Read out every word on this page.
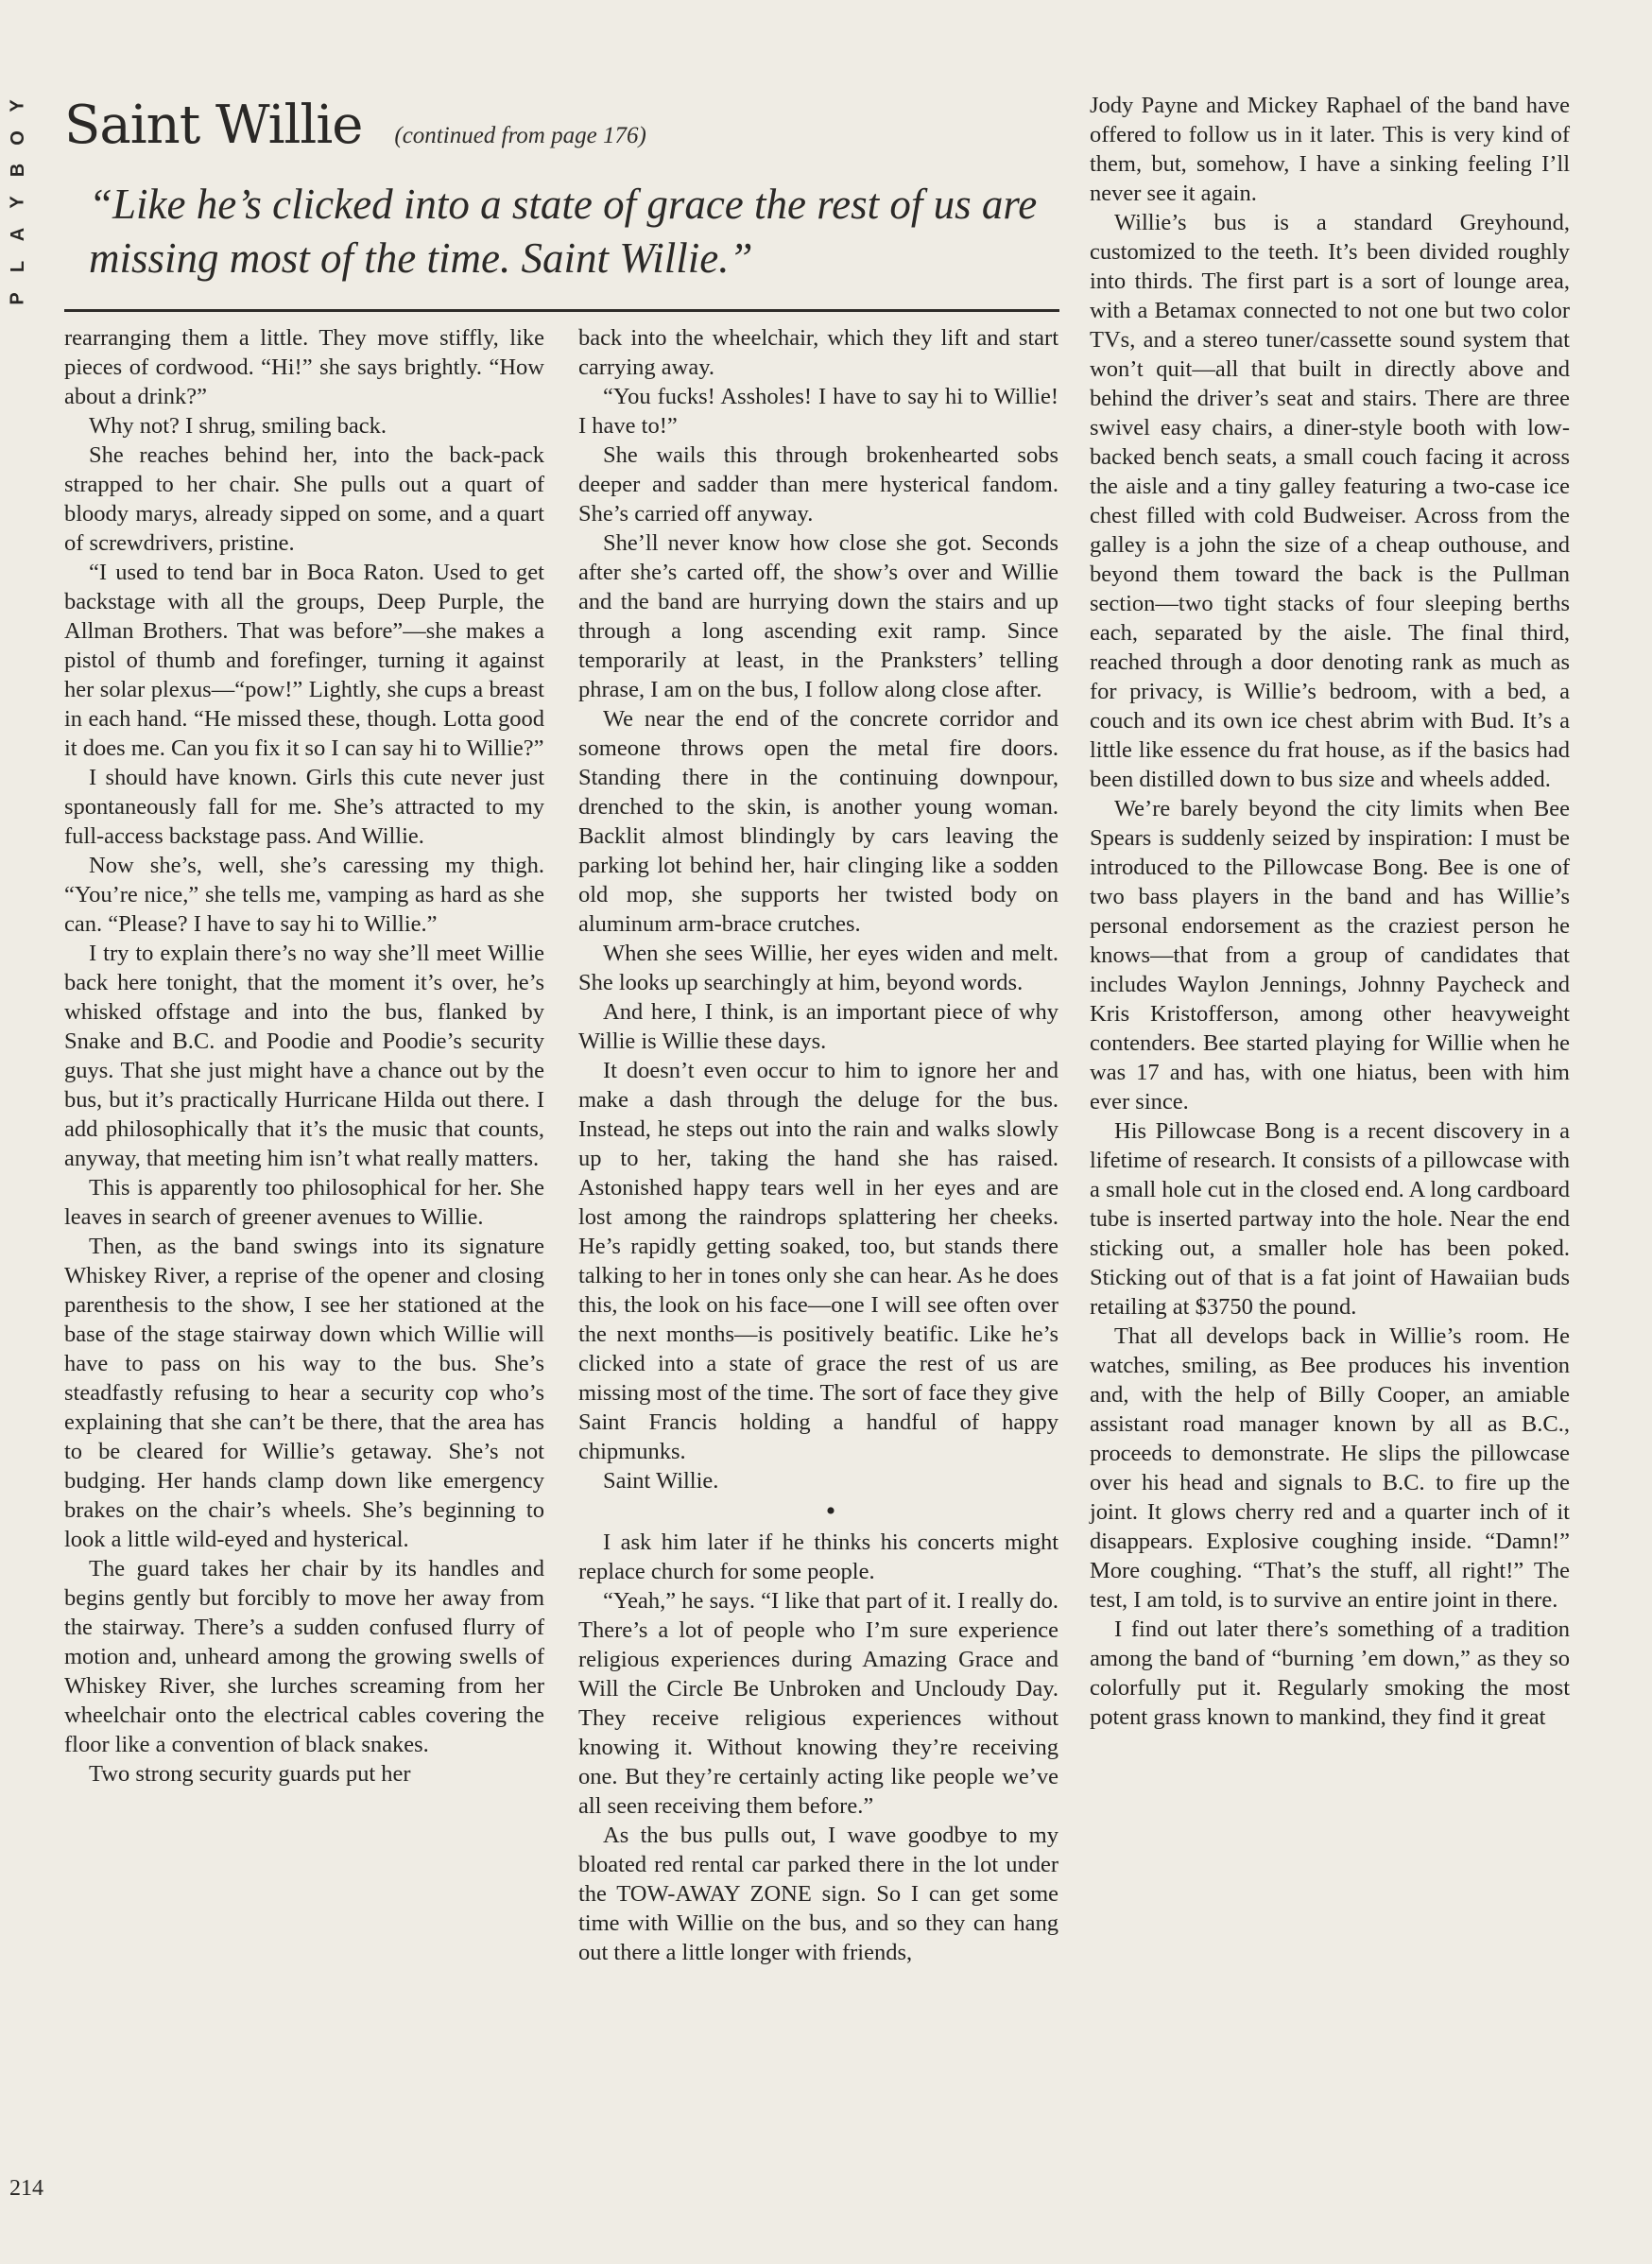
Y
O
B
Y
A
L
P
Saint Willie (continued from page 176)
“Like he’s clicked into a state of grace the rest of us are missing most of the time. Saint Willie.”

rearranging them a little. They move stiffly, like pieces of cordwood. “Hi!” she says brightly. “How about a drink?”

Why not? I shrug, smiling back.

She reaches behind her, into the back-pack strapped to her chair. She pulls out a quart of bloody marys, already sipped on some, and a quart of screwdrivers, pristine.

“I used to tend bar in Boca Raton. Used to get backstage with all the groups, Deep Purple, the Allman Brothers. That was before”—she makes a pistol of thumb and forefinger, turning it against her solar plexus—“pow!” Lightly, she cups a breast in each hand. “He missed these, though. Lotta good it does me. Can you fix it so I can say hi to Willie?”

I should have known. Girls this cute never just spontaneously fall for me. She’s attracted to my full-access backstage pass. And Willie.

Now she’s, well, she’s caressing my thigh. “You’re nice,” she tells me, vamping as hard as she can. “Please? I have to say hi to Willie.”

I try to explain there’s no way she’ll meet Willie back here tonight, that the moment it’s over, he’s whisked offstage and into the bus, flanked by Snake and B.C. and Poodie and Poodie’s security guys. That she just might have a chance out by the bus, but it’s practically Hurricane Hilda out there. I add philosophically that it’s the music that counts, anyway, that meeting him isn’t what really matters.

This is apparently too philosophical for her. She leaves in search of greener avenues to Willie.

Then, as the band swings into its signature Whiskey River, a reprise of the opener and closing parenthesis to the show, I see her stationed at the base of the stage stairway down which Willie will have to pass on his way to the bus. She’s steadfastly refusing to hear a security cop who’s explaining that she can’t be there, that the area has to be cleared for Willie’s getaway. She’s not budging. Her hands clamp down like emergency brakes on the chair’s wheels. She’s beginning to look a little wild-eyed and hysterical.

The guard takes her chair by its handles and begins gently but forcibly to move her away from the stairway. There’s a sudden confused flurry of motion and, unheard among the growing swells of Whiskey River, she lurches screaming from her wheelchair onto the electrical cables covering the floor like a convention of black snakes.

Two strong security guards put her

back into the wheelchair, which they lift and start carrying away.

“You fucks! Assholes! I have to say hi to Willie! I have to!”

She wails this through brokenhearted sobs deeper and sadder than mere hysterical fandom. She’s carried off anyway.

She’ll never know how close she got. Seconds after she’s carted off, the show’s over and Willie and the band are hurrying down the stairs and up through a long ascending exit ramp. Since temporarily at least, in the Pranksters’ telling phrase, I am on the bus, I follow along close after.

We near the end of the concrete corridor and someone throws open the metal fire doors. Standing there in the continuing downpour, drenched to the skin, is another young woman. Backlit almost blindingly by cars leaving the parking lot behind her, hair clinging like a sodden old mop, she supports her twisted body on aluminum arm-brace crutches.

When she sees Willie, her eyes widen and melt. She looks up searchingly at him, beyond words.

And here, I think, is an important piece of why Willie is Willie these days.

It doesn’t even occur to him to ignore her and make a dash through the deluge for the bus. Instead, he steps out into the rain and walks slowly up to her, taking the hand she has raised. Astonished happy tears well in her eyes and are lost among the raindrops splattering her cheeks. He’s rapidly getting soaked, too, but stands there talking to her in tones only she can hear. As he does this, the look on his face—one I will see often over the next months—is positively beatific. Like he’s clicked into a state of grace the rest of us are missing most of the time. The sort of face they give Saint Francis holding a handful of happy chipmunks.

Saint Willie.

•

I ask him later if he thinks his concerts might replace church for some people.

“Yeah,” he says. “I like that part of it. I really do. There’s a lot of people who I’m sure experience religious experiences during Amazing Grace and Will the Circle Be Unbroken and Uncloudy Day. They receive religious experiences without knowing it. Without knowing they’re receiving one. But they’re certainly acting like people we’ve all seen receiving them before.”

As the bus pulls out, I wave goodbye to my bloated red rental car parked there in the lot under the TOW-AWAY ZONE sign. So I can get some time with Willie on the bus, and so they can hang out there a little longer with friends,

Jody Payne and Mickey Raphael of the band have offered to follow us in it later. This is very kind of them, but, somehow, I have a sinking feeling I’ll never see it again.

Willie’s bus is a standard Greyhound, customized to the teeth. It’s been divided roughly into thirds. The first part is a sort of lounge area, with a Betamax connected to not one but two color TVs, and a stereo tuner/cassette sound system that won’t quit—all that built in directly above and behind the driver’s seat and stairs. There are three swivel easy chairs, a diner-style booth with low-backed bench seats, a small couch facing it across the aisle and a tiny galley featuring a two-case ice chest filled with cold Budweiser. Across from the galley is a john the size of a cheap outhouse, and beyond them toward the back is the Pullman section—two tight stacks of four sleeping berths each, separated by the aisle. The final third, reached through a door denoting rank as much as for privacy, is Willie’s bedroom, with a bed, a couch and its own ice chest abrim with Bud. It’s a little like essence du frat house, as if the basics had been distilled down to bus size and wheels added.

We’re barely beyond the city limits when Bee Spears is suddenly seized by inspiration: I must be introduced to the Pillowcase Bong. Bee is one of two bass players in the band and has Willie’s personal endorsement as the craziest person he knows—that from a group of candidates that includes Waylon Jennings, Johnny Paycheck and Kris Kristofferson, among other heavyweight contenders. Bee started playing for Willie when he was 17 and has, with one hiatus, been with him ever since.

His Pillowcase Bong is a recent discovery in a lifetime of research. It consists of a pillowcase with a small hole cut in the closed end. A long cardboard tube is inserted partway into the hole. Near the end sticking out, a smaller hole has been poked. Sticking out of that is a fat joint of Hawaiian buds retailing at $3750 the pound.

That all develops back in Willie’s room. He watches, smiling, as Bee produces his invention and, with the help of Billy Cooper, an amiable assistant road manager known by all as B.C., proceeds to demonstrate. He slips the pillowcase over his head and signals to B.C. to fire up the joint. It glows cherry red and a quarter inch of it disappears. Explosive coughing inside. “Damn!” More coughing. “That’s the stuff, all right!” The test, I am told, is to survive an entire joint in there.

I find out later there’s something of a tradition among the band of “burning ’em down,” as they so colorfully put it. Regularly smoking the most potent grass known to mankind, they find it great

214
